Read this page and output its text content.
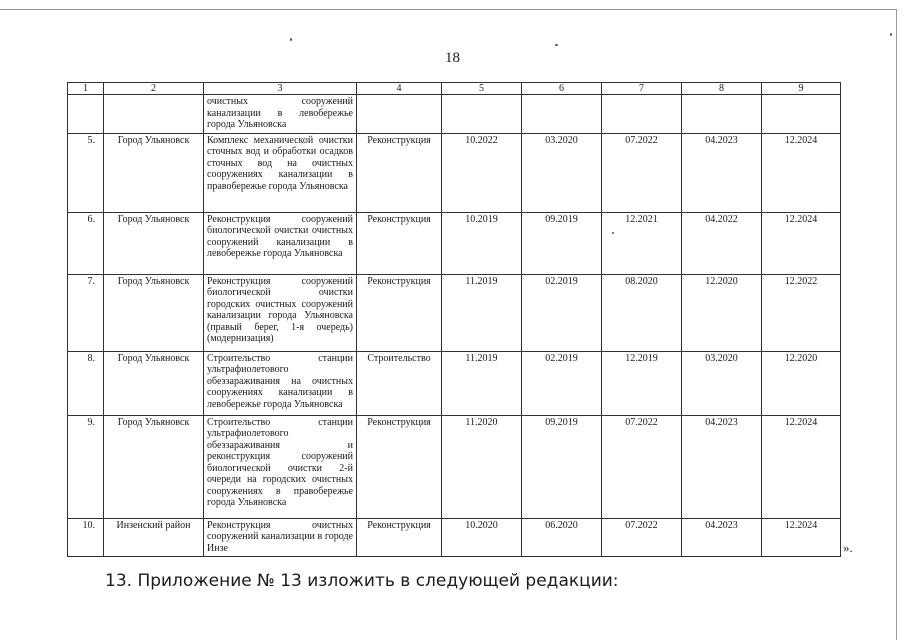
18
1	2	3	4	5	6	7	8	9
		очистных сооружений канализации в левобережье города Ульяновска						
5.	Город Ульяновск	Комплекс механической очистки сточных вод и обработки осадков сточных вод на очистных сооружениях канализации в правобережье города Ульяновска	Реконструкция	10.2022	03.2020	07.2022	04.2023	12.2024
6.	Город Ульяновск	Реконструкция сооружений биологической очистки очистных сооружений канализации в левобережье города Ульяновска	Реконструкция	10.2019	09.2019	12.2021	04.2022	12.2024
7.	Город Ульяновск	Реконструкция сооружений биологической очистки городских очистных сооружений канализации города Ульяновска (правый берег, 1-я очередь) (модернизация)	Реконструкция	11.2019	02.2019	08.2020	12.2020	12.2022
8.	Город Ульяновск	Строительство станции ультрафиолетового обеззараживания на очистных сооружениях канализации в левобережье города Ульяновска	Строительство	11.2019	02.2019	12.2019	03.2020	12.2020
9.	Город Ульяновск	Строительство станции ультрафиолетового обеззараживания и реконструкция сооружений биологической очистки 2-й очереди на городских очистных сооружениях в правобережье города Ульяновска	Реконструкция	11.2020	09.2019	07.2022	04.2023	12.2024
10.	Инзенский район	Реконструкция очистных сооружений канализации в городе Инзе	Реконструкция	10.2020	06.2020	07.2022	04.2023	12.2024
».
13. Приложение № 13 изложить в следующей редакции:
